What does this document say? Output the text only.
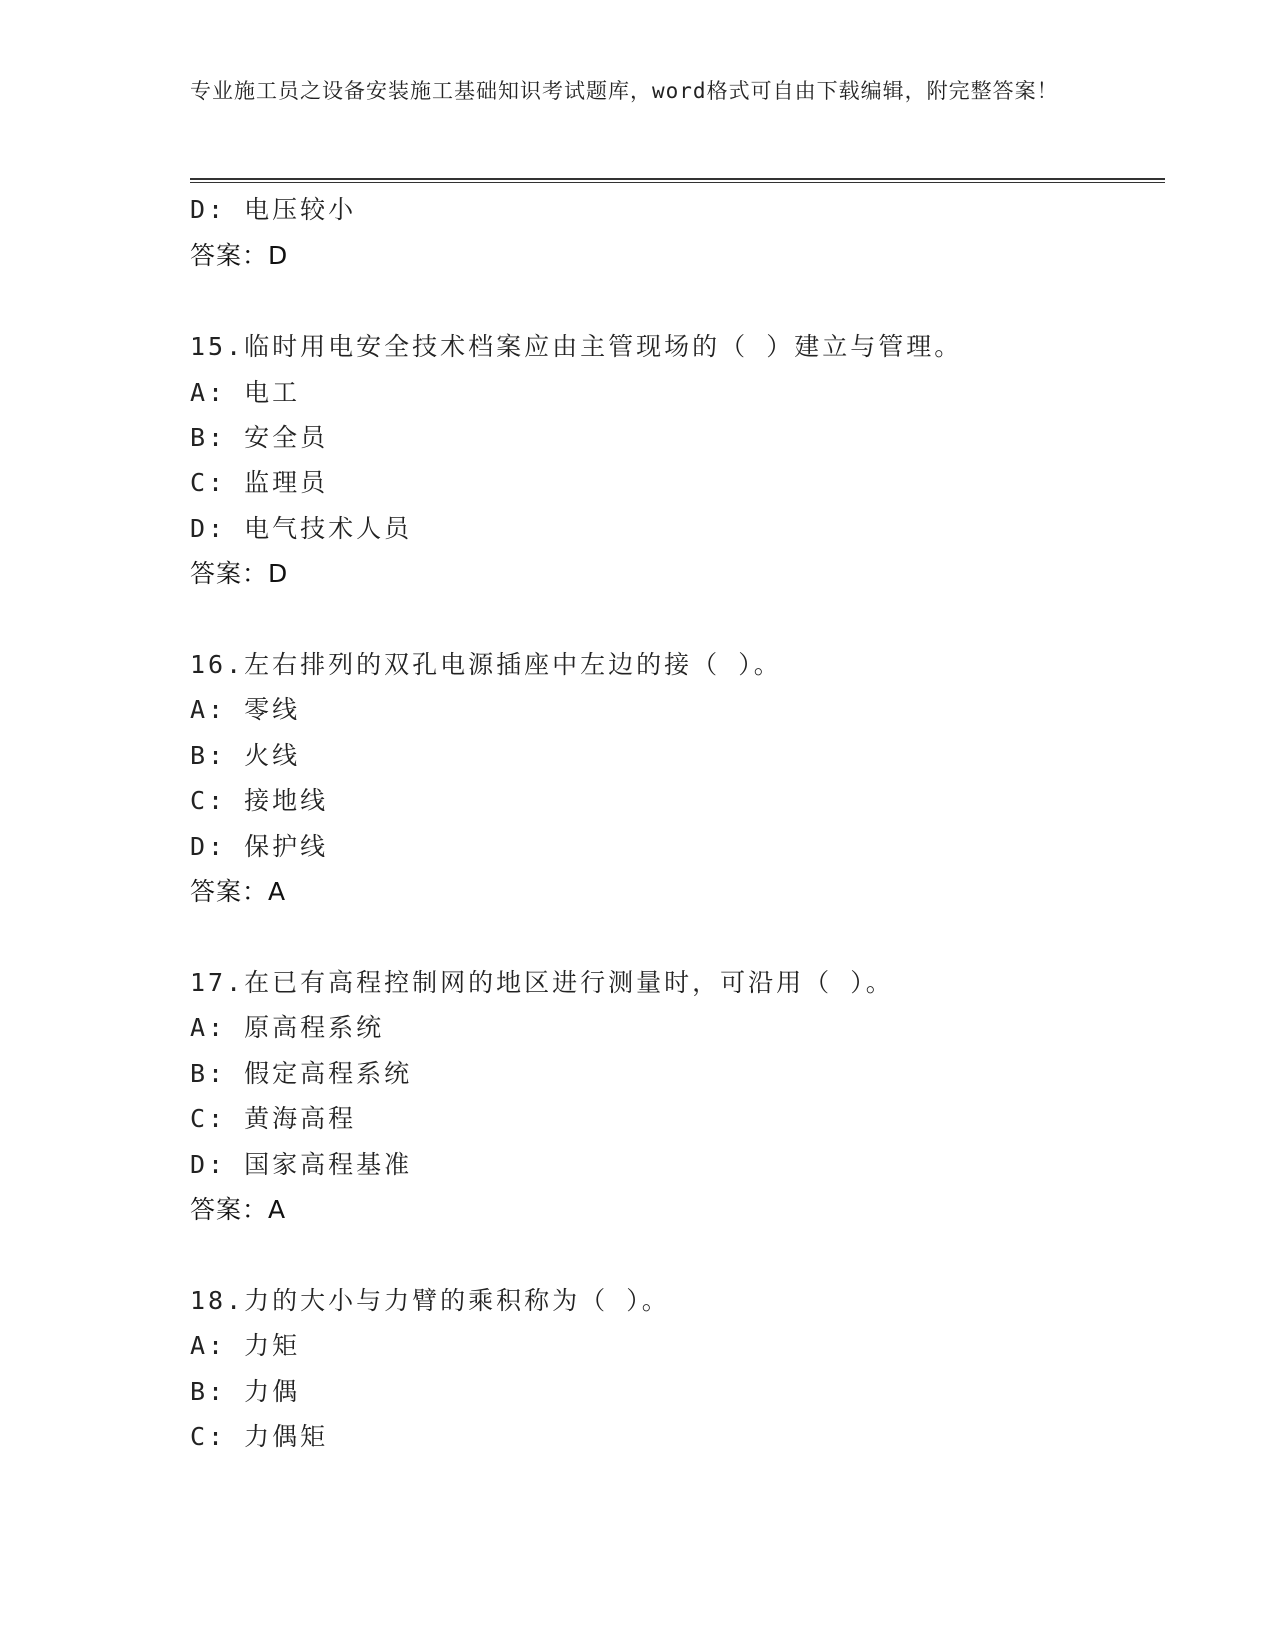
专业施工员之设备安装施工基础知识考试题库，word格式可自由下载编辑，附完整答案！
D: 电压较小
答案：D
15.临时用电安全技术档案应由主管现场的（ ）建立与管理。
A: 电工
B: 安全员
C: 监理员
D: 电气技术人员
答案：D
16.左右排列的双孔电源插座中左边的接（ ）。
A: 零线
B: 火线
C: 接地线
D: 保护线
答案：A
17.在已有高程控制网的地区进行测量时，可沿用（ ）。
A: 原高程系统
B: 假定高程系统
C: 黄海高程
D: 国家高程基准
答案：A
18.力的大小与力臂的乘积称为（ ）。
A: 力矩
B: 力偶
C: 力偶矩
